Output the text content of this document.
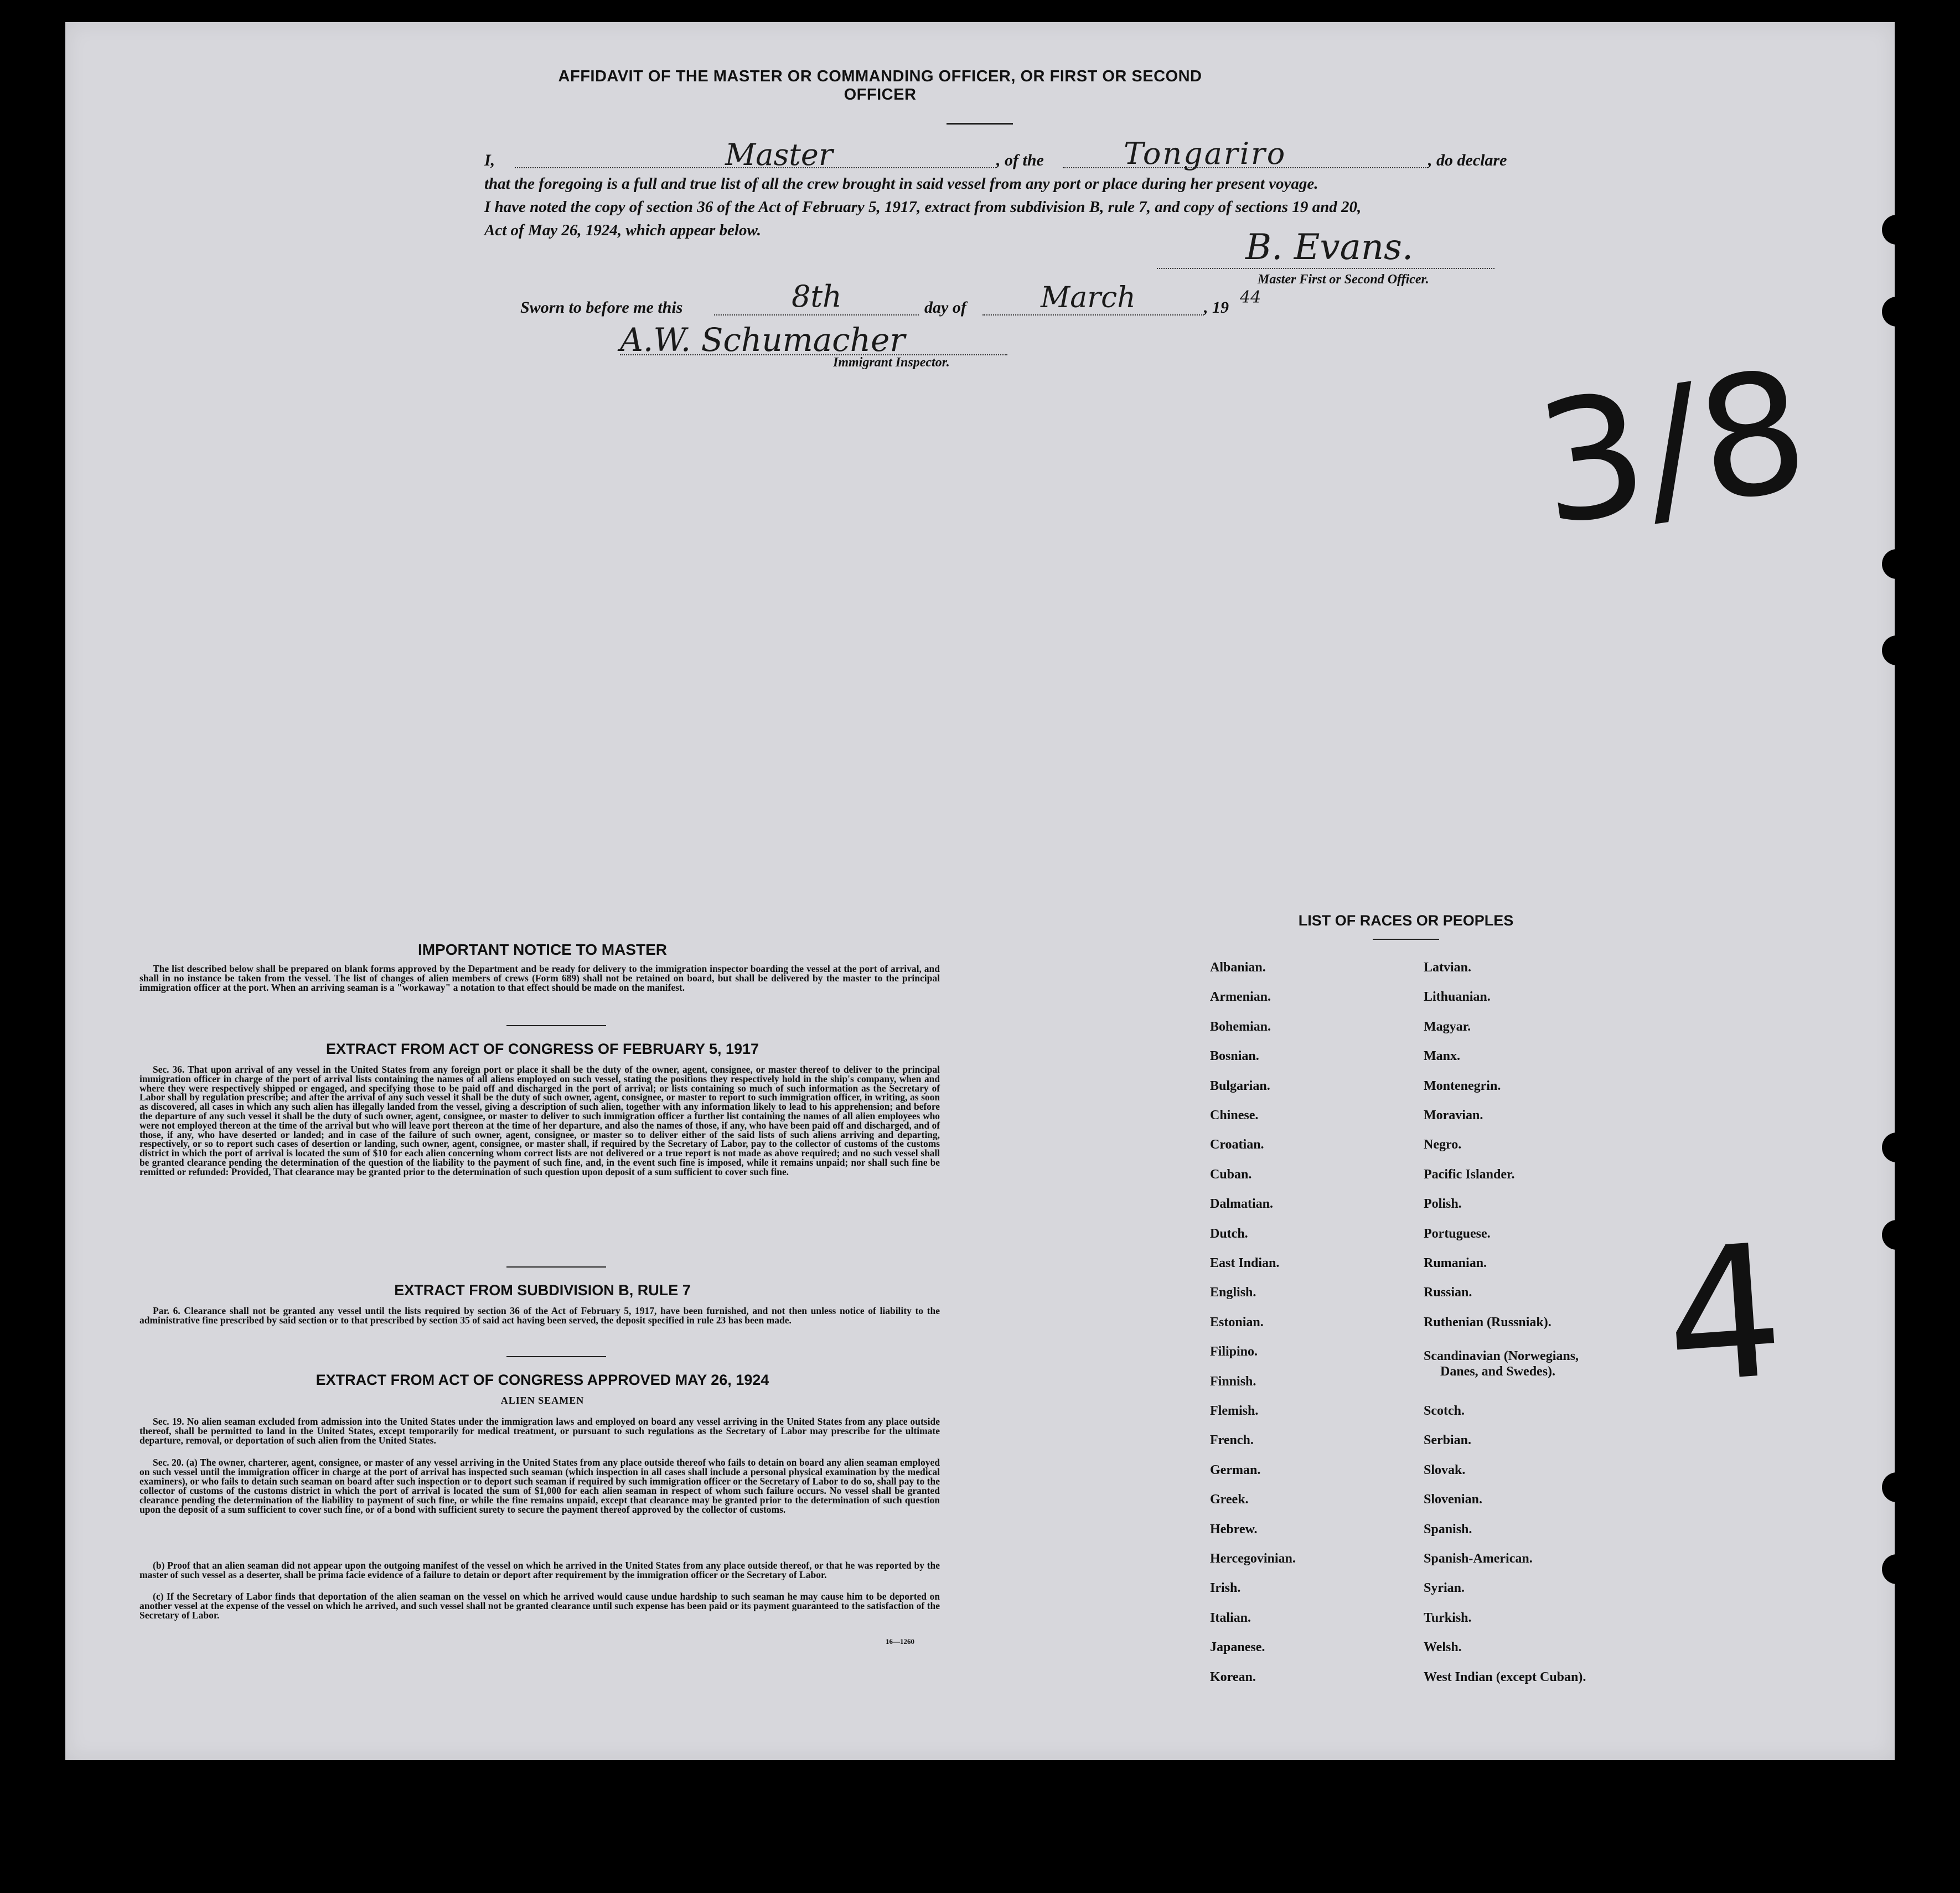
AFFIDAVIT OF THE MASTER OR COMMANDING OFFICER, OR FIRST OR SECOND OFFICER
I,	Master	, of the	Tongariro	, do declare
that the foregoing is a full and true list of all the crew brought in said vessel from any port or place during her present voyage.
I have noted the copy of section 36 of the Act of February 5, 1917, extract from subdivision B, rule 7, and copy of sections 19 and 20,
Act of May 26, 1924, which appear below.	B. Evans.
Master First or Second Officer.
Sworn to before me this	8th	day of	March	, 19
44
A.W. Schumacher
Immigrant Inspector.	3/8
4
IMPORTANT NOTICE TO MASTER
The list described below shall be prepared on blank forms approved by the Department and be ready for delivery to the immigration inspector boarding the vessel at the port of arrival, and shall in no instance be taken from the vessel. The list of changes of alien members of crews (Form 689) shall not be retained on board, but shall be delivered by the master to the principal immigration officer at the port. When an arriving seaman is a "workaway" a notation to that effect should be made on the manifest.
EXTRACT FROM ACT OF CONGRESS OF FEBRUARY 5, 1917
Sec. 36. That upon arrival of any vessel in the United States from any foreign port or place it shall be the duty of the owner, agent, consignee, or master thereof to deliver to the principal immigration officer in charge of the port of arrival lists containing the names of all aliens employed on such vessel, stating the positions they respectively hold in the ship's company, when and where they were respectively shipped or engaged, and specifying those to be paid off and discharged in the port of arrival; or lists containing so much of such information as the Secretary of Labor shall by regulation prescribe; and after the arrival of any such vessel it shall be the duty of such owner, agent, consignee, or master to report to such immigration officer, in writing, as soon as discovered, all cases in which any such alien has illegally landed from the vessel, giving a description of such alien, together with any information likely to lead to his apprehension; and before the departure of any such vessel it shall be the duty of such owner, agent, consignee, or master to deliver to such immigration officer a further list containing the names of all alien employees who were not employed thereon at the time of the arrival but who will leave port thereon at the time of her departure, and also the names of those, if any, who have been paid off and discharged, and of those, if any, who have deserted or landed; and in case of the failure of such owner, agent, consignee, or master so to deliver either of the said lists of such aliens arriving and departing, respectively, or so to report such cases of desertion or landing, such owner, agent, consignee, or master shall, if required by the Secretary of Labor, pay to the collector of customs of the customs district in which the port of arrival is located the sum of $10 for each alien concerning whom correct lists are not delivered or a true report is not made as above required; and no such vessel shall be granted clearance pending the determination of the question of the liability to the payment of such fine, and, in the event such fine is imposed, while it remains unpaid; nor shall such fine be remitted or refunded: Provided, That clearance may be granted prior to the determination of such question upon deposit of a sum sufficient to cover such fine.
EXTRACT FROM SUBDIVISION B, RULE 7
Par. 6. Clearance shall not be granted any vessel until the lists required by section 36 of the Act of February 5, 1917, have been furnished, and not then unless notice of liability to the administrative fine prescribed by said section or to that prescribed by section 35 of said act having been served, the deposit specified in rule 23 has been made.
EXTRACT FROM ACT OF CONGRESS APPROVED MAY 26, 1924
ALIEN SEAMEN
Sec. 19. No alien seaman excluded from admission into the United States under the immigration laws and employed on board any vessel arriving in the United States from any place outside thereof, shall be permitted to land in the United States, except temporarily for medical treatment, or pursuant to such regulations as the Secretary of Labor may prescribe for the ultimate departure, removal, or deportation of such alien from the United States.
Sec. 20. (a) The owner, charterer, agent, consignee, or master of any vessel arriving in the United States from any place outside thereof who fails to detain on board any alien seaman employed on such vessel until the immigration officer in charge at the port of arrival has inspected such seaman (which inspection in all cases shall include a personal physical examination by the medical examiners), or who fails to detain such seaman on board after such inspection or to deport such seaman if required by such immigration officer or the Secretary of Labor to do so, shall pay to the collector of customs of the customs district in which the port of arrival is located the sum of $1,000 for each alien seaman in respect of whom such failure occurs. No vessel shall be granted clearance pending the determination of the liability to payment of such fine, or while the fine remains unpaid, except that clearance may be granted prior to the determination of such question upon the deposit of a sum sufficient to cover such fine, or of a bond with sufficient surety to secure the payment thereof approved by the collector of customs.
(b) Proof that an alien seaman did not appear upon the outgoing manifest of the vessel on which he arrived in the United States from any place outside thereof, or that he was reported by the master of such vessel as a deserter, shall be prima facie evidence of a failure to detain or deport after requirement by the immigration officer or the Secretary of Labor.
(c) If the Secretary of Labor finds that deportation of the alien seaman on the vessel on which he arrived would cause undue hardship to such seaman he may cause him to be deported on another vessel at the expense of the vessel on which he arrived, and such vessel shall not be granted clearance until such expense has been paid or its payment guaranteed to the satisfaction of the Secretary of Labor.
16—1260
LIST OF RACES OR PEOPLES
Albanian.
Armenian.
Bohemian.
Bosnian.
Bulgarian.
Chinese.
Croatian.
Cuban.
Dalmatian.
Dutch.
East Indian.
English.
Estonian.
Filipino.
Finnish.
Flemish.
French.
German.
Greek.
Hebrew.
Hercegovinian.
Irish.
Italian.
Japanese.
Korean.
Latvian.
Lithuanian.
Magyar.
Manx.
Montenegrin.
Moravian.
Negro.
Pacific Islander.
Polish.
Portuguese.
Rumanian.
Russian.
Ruthenian (Russniak).
Scandinavian (Norwegians,
Danes, and Swedes).
Scotch.
Serbian.
Slovak.
Slovenian.
Spanish.
Spanish-American.
Syrian.
Turkish.
Welsh.
West Indian (except Cuban).
